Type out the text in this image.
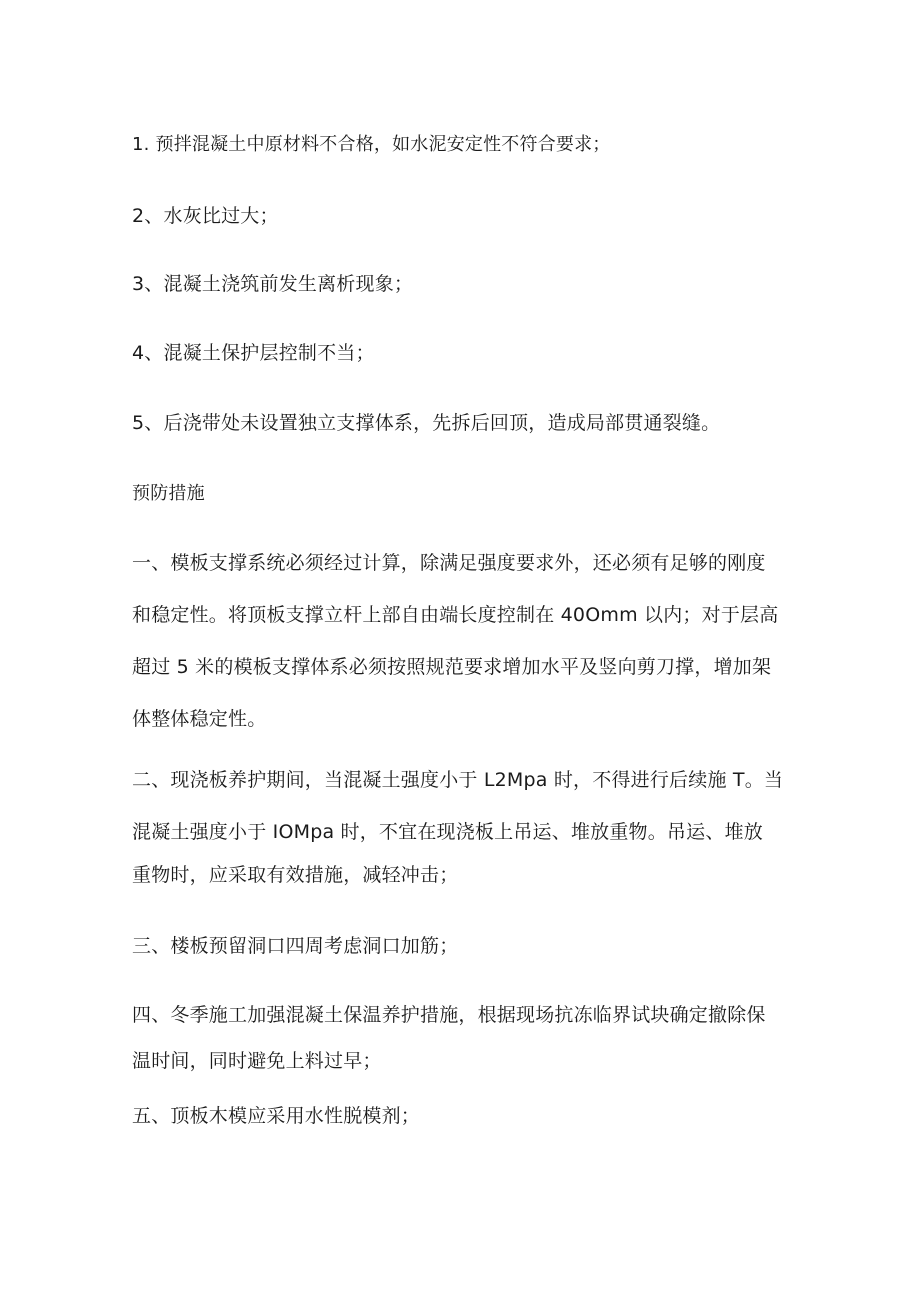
1. 预拌混凝土中原材料不合格，如水泥安定性不符合要求；

2、水灰比过大；

3、混凝土浇筑前发生离析现象；

4、混凝土保护层控制不当；

5、后浇带处未设置独立支撑体系，先拆后回顶，造成局部贯通裂缝。

预防措施

一、模板支撑系统必须经过计算，除满足强度要求外，还必须有足够的刚度

和稳定性。将顶板支撑立杆上部自由端长度控制在 40Omm 以内；对于层高

超过 5 米的模板支撑体系必须按照规范要求增加水平及竖向剪刀撑，增加架

体整体稳定性。

二、现浇板养护期间，当混凝土强度小于 L2Mpa 时，不得进行后续施 T。当

混凝土强度小于 IOMpa 时，不宜在现浇板上吊运、堆放重物。吊运、堆放

重物时，应采取有效措施，减轻冲击；

三、楼板预留洞口四周考虑洞口加筋；

四、冬季施工加强混凝土保温养护措施，根据现场抗冻临界试块确定撤除保

温时间，同时避免上料过早；

五、顶板木模应采用水性脱模剂；
